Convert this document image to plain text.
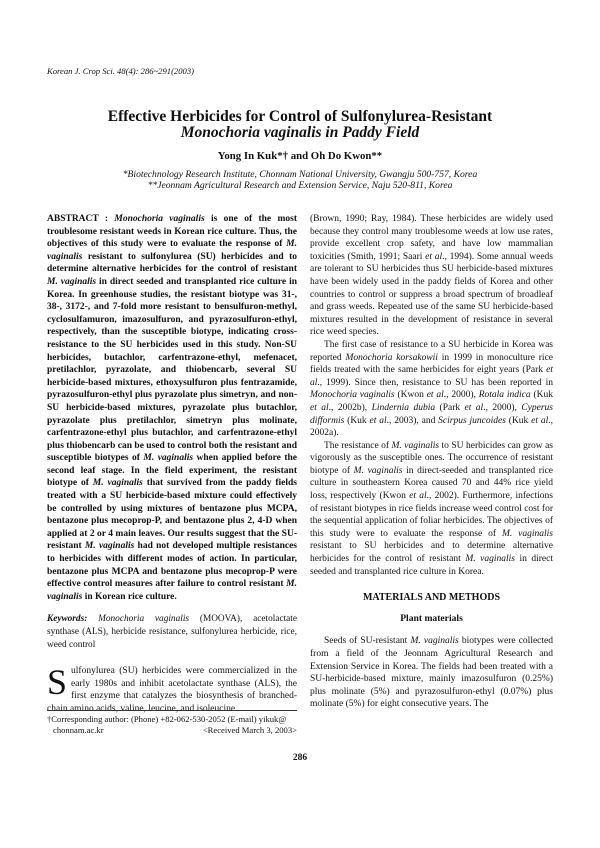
Korean J. Crop Sci. 48(4): 286~291(2003)
Effective Herbicides for Control of Sulfonylurea-Resistant
Monochoria vaginalis in Paddy Field
Yong In Kuk*† and Oh Do Kwon**
*Biotechnology Research Institute, Chonnam National University, Gwangju 500-757, Korea
**Jeonnam Agricultural Research and Extension Service, Naju 520-811, Korea
ABSTRACT : Monochoria vaginalis is one of the most troublesome resistant weeds in Korean rice culture. Thus, the objectives of this study were to evaluate the response of M. vaginalis resistant to sulfonylurea (SU) herbicides and to determine alternative herbicides for the control of resistant M. vaginalis in direct seeded and transplanted rice culture in Korea. In greenhouse studies, the resistant biotype was 31-, 38-, 3172-, and 7-fold more resistant to bensulfuron-methyl, cyclosulfamuron, imazosulfuron, and pyrazosulfuron-ethyl, respectively, than the susceptible biotype, indicating cross-resistance to the SU herbicides used in this study. Non-SU herbicides, butachlor, carfentrazone-ethyl, mefenacet, pretilachlor, pyrazolate, and thiobencarb, several SU herbicide-based mixtures, ethoxysulfuron plus fentrazamide, pyrazosulfuron-ethyl plus pyrazolate plus simetryn, and non-SU herbicide-based mixtures, pyrazolate plus butachlor, pyrazolate plus pretilachlor, simetryn plus molinate, carfentrazone-ethyl plus butachlor, and carfentrazone-ethyl plus thiobencarb can be used to control both the resistant and susceptible biotypes of M. vaginalis when applied before the second leaf stage. In the field experiment, the resistant biotype of M. vaginalis that survived from the paddy fields treated with a SU herbicide-based mixture could effectively be controlled by using mixtures of bentazone plus MCPA, bentazone plus mecoprop-P, and bentazone plus 2, 4-D when applied at 2 or 4 main leaves. Our results suggest that the SU-resistant M. vaginalis had not developed multiple resistances to herbicides with different modes of action. In particular, bentazone plus MCPA and bentazone plus mecoprop-P were effective control measures after failure to control resistant M. vaginalis in Korean rice culture.
Keywords: Monochoria vaginalis (MOOVA), acetolactate synthase (ALS), herbicide resistance, sulfonylurea herbicide, rice, weed control
Sulfonylurea (SU) herbicides were commercialized in the early 1980s and inhibit acetolactate synthase (ALS), the first enzyme that catalyzes the biosynthesis of branched-chain amino acids, valine, leucine, and isoleucine
†Corresponding author: (Phone) +82-062-530-2052 (E-mail) yikuk@
chonnam.ac.kr	<Received March 3, 2003>

(Brown, 1990; Ray, 1984). These herbicides are widely used because they control many troublesome weeds at low use rates, provide excellent crop safety, and have low mammalian toxicities (Smith, 1991; Saari et al., 1994). Some annual weeds are tolerant to SU herbicides thus SU herbicide-based mixtures have been widely used in the paddy fields of Korea and other countries to control or suppress a broad spectrum of broadleaf and grass weeds. Repeated use of the same SU herbicide-based mixtures resulted in the development of resistance in several rice weed species.

The first case of resistance to a SU herbicide in Korea was reported Monochoria korsakowii in 1999 in monoculture rice fields treated with the same herbicides for eight years (Park et al., 1999). Since then, resistance to SU has been reported in Monochoria vaginalis (Kwon et al., 2000), Rotala indica (Kuk et al., 2002b), Lindernia dubia (Park et al., 2000), Cyperus difformis (Kuk et al., 2003), and Scirpus juncoides (Kuk et al., 2002a).

The resistance of M. vaginalis to SU herbicides can grow as vigorously as the susceptible ones. The occurrence of resistant biotype of M. vaginalis in direct-seeded and transplanted rice culture in southeastern Korea caused 70 and 44% rice yield loss, respectively (Kwon et al., 2002). Furthermore, infections of resistant biotypes in rice fields increase weed control cost for the sequential application of foliar herbicides. The objectives of this study were to evaluate the response of M. vaginalis resistant to SU herbicides and to determine alternative herbicides for the control of resistant M. vaginalis in direct seeded and transplanted rice culture in Korea.

MATERIALS AND METHODS
Plant materials

Seeds of SU-resistant M. vaginalis biotypes were collected from a field of the Jeonnam Agricultural Research and Extension Service in Korea. The fields had been treated with a SU-herbicide-based mixture, mainly imazosulfuron (0.25%) plus molinate (5%) and pyrazosulfuron-ethyl (0.07%) plus molinate (5%) for eight consecutive years. The

286
